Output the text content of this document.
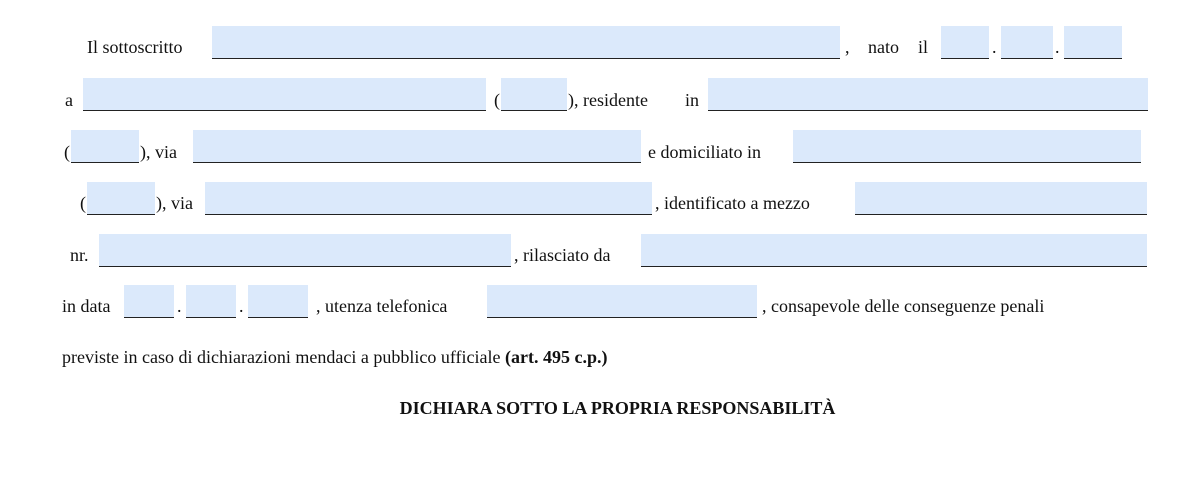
Il sottoscritto	, nato il	.	.
a	(	), residente in
(	), via	e domiciliato in
(	), via	, identificato a mezzo
nr.	, rilasciato da
in data	.	.	, utenza telefonica	, consapevole delle conseguenze penali
previste in caso di dichiarazioni mendaci a pubblico ufficiale (art. 495 c.p.)
DICHIARA SOTTO LA PROPRIA RESPONSABILITÀ
